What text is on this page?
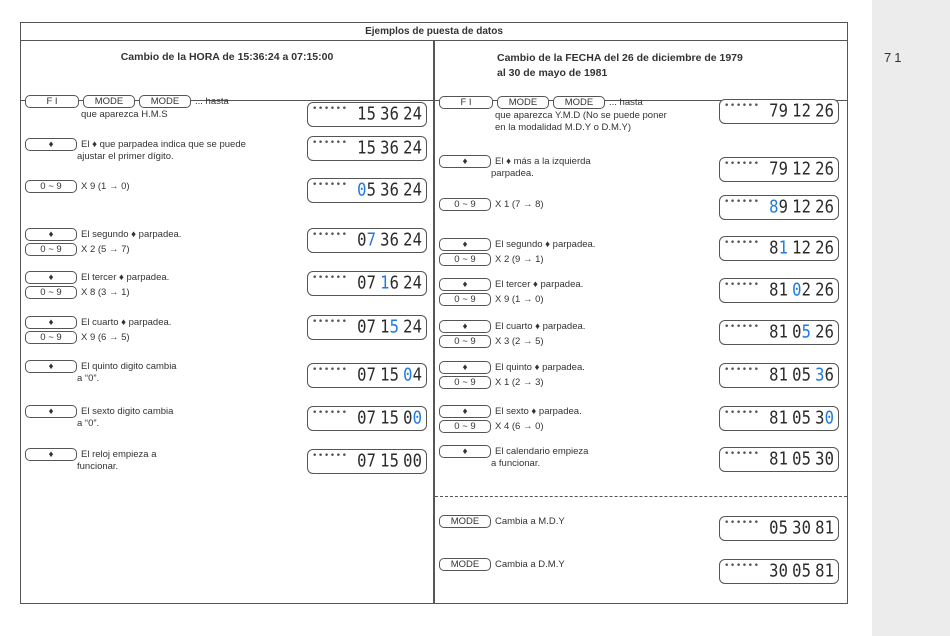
71
Ejemplos de puesta de datos
Cambio de la HORA de 15:36:24 a 07:15:00	Cambio de la FECHA del 26 de diciembre de 1979
al 30 de mayo de 1981
F I	MODE	MODE	... hasta
que aparezca H.M.S	•••••• 1 5 3 6 2 4
♦	El ♦ que parpadea indica que se puede
ajustar el primer dígito.
•••••• 1 5 3 6 2 4
0 ~ 9	X 9 (1 → 0)	•••••• 0 5 3 6 2 4
♦
0 ~ 9
El segundo ♦ parpadea.
X 2 (5 → 7)
•••••• 0 7 3 6 2 4
♦
0 ~ 9
El tercer ♦ parpadea.
X 8 (3 → 1)
•••••• 0 7 1 6 2 4
♦
0 ~ 9
El cuarto ♦ parpadea.
X 9 (6 → 5)
•••••• 0 7 1 5 2 4
♦	El quinto digito cambia
a “0”.
•••••• 0 7 1 5 0 4
♦	El sexto digito cambia
a “0”.
•••••• 0 7 1 5 0 0
♦	El reloj empieza a
funcionar.
•••••• 0 7 1 5 0 0
F I	MODE	MODE	... hasta
que aparezca Y.M.D (No se puede poner
en la modalidad M.D.Y o D.M.Y)
•••••• 7 9 1 2 2 6
♦	El ♦ más a la izquierda
parpadea.
•••••• 7 9 1 2 2 6
0 ~ 9	X 1 (7 → 8)	•••••• 8 9 1 2 2 6
♦
0 ~ 9
El segundo ♦ parpadea.
X 2 (9 → 1)
•••••• 8 1 1 2 2 6
♦
0 ~ 9
El tercer ♦ parpadea.
X 9 (1 → 0)
•••••• 8 1 0 2 2 6
♦
0 ~ 9
El cuarto ♦ parpadea.
X 3 (2 → 5)
•••••• 8 1 0 5 2 6
♦
0 ~ 9
El quinto ♦ parpadea.
X 1 (2 → 3)
•••••• 8 1 0 5 3 6
♦
0 ~ 9
El sexto ♦ parpadea.
X 4 (6 → 0)
•••••• 8 1 0 5 3 0
♦	El calendario empieza
a funcionar.
•••••• 8 1 0 5 3 0
MODE	Cambia a M.D.Y	•••••• 0 5 3 0 8 1
MODE	Cambia a D.M.Y	•••••• 3 0 0 5 8 1
